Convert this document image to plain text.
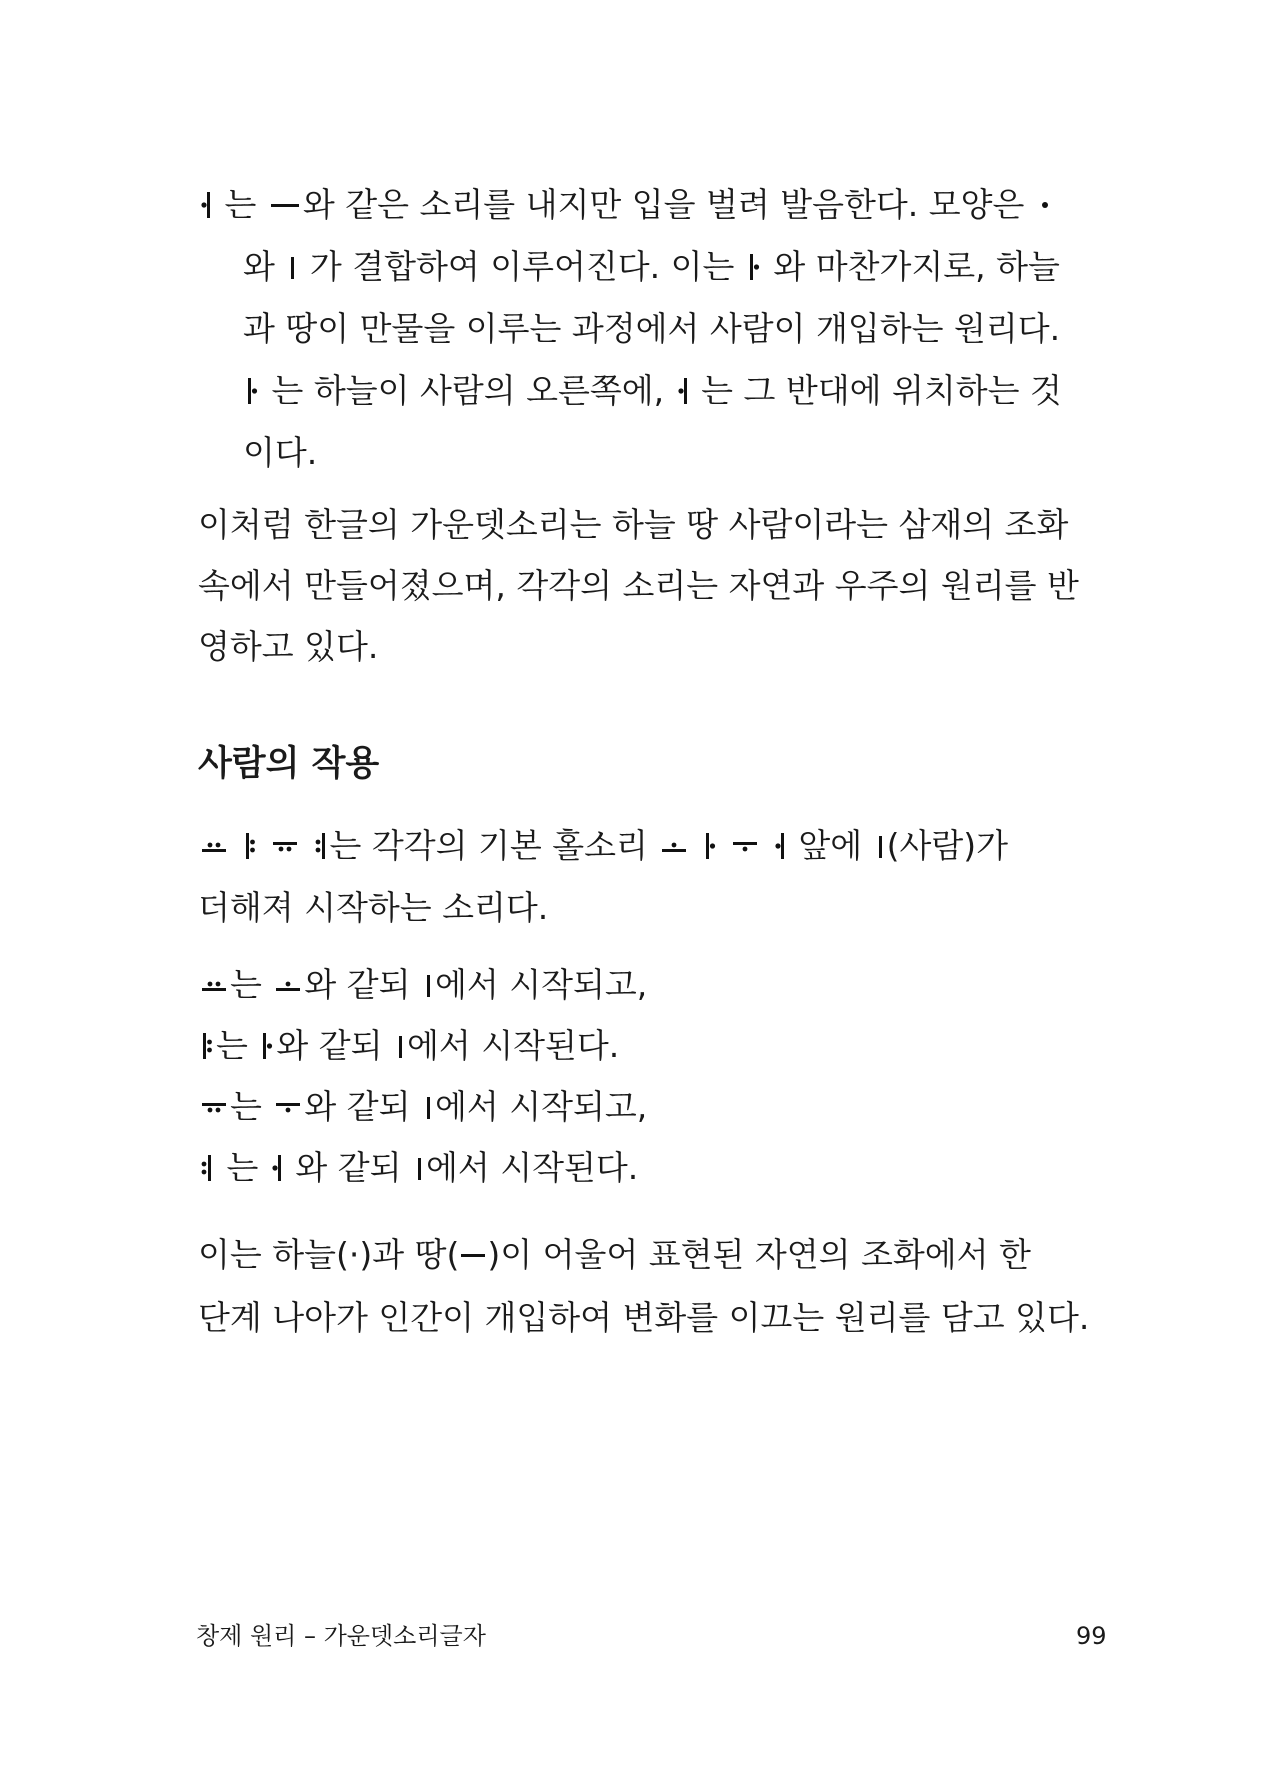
는
와 같은 소리를 내지만 입을 벌려 발음한다. 모양은
와
가 결합하여 이루어진다. 이는
와 마찬가지로, 하늘
과 땅이 만물을 이루는 과정에서 사람이 개입하는 원리다.
는 하늘이 사람의 오른쪽에,
는 그 반대에 위치하는 것
이다.
이처럼 한글의 가운뎃소리는 하늘 땅 사람이라는 삼재의 조화
속에서 만들어졌으며, 각각의 소리는 자연과 우주의 원리를 반
영하고 있다.
사람의 작용

는 각각의 기본 홀소리

	앞에
(사람)가
더해져 시작하는 소리다.
는
와 같되
에서 시작되고,
는
와 같되
에서 시작된다.
는
와 같되
에서 시작되고,
는
와 같되
에서 시작된다.
이는 하늘(·)과 땅( )이 어울어 표현된 자연의 조화에서 한
단계 나아가 인간이 개입하여 변화를 이끄는 원리를 담고 있다.
창제 원리 – 가운뎃소리글자	99
